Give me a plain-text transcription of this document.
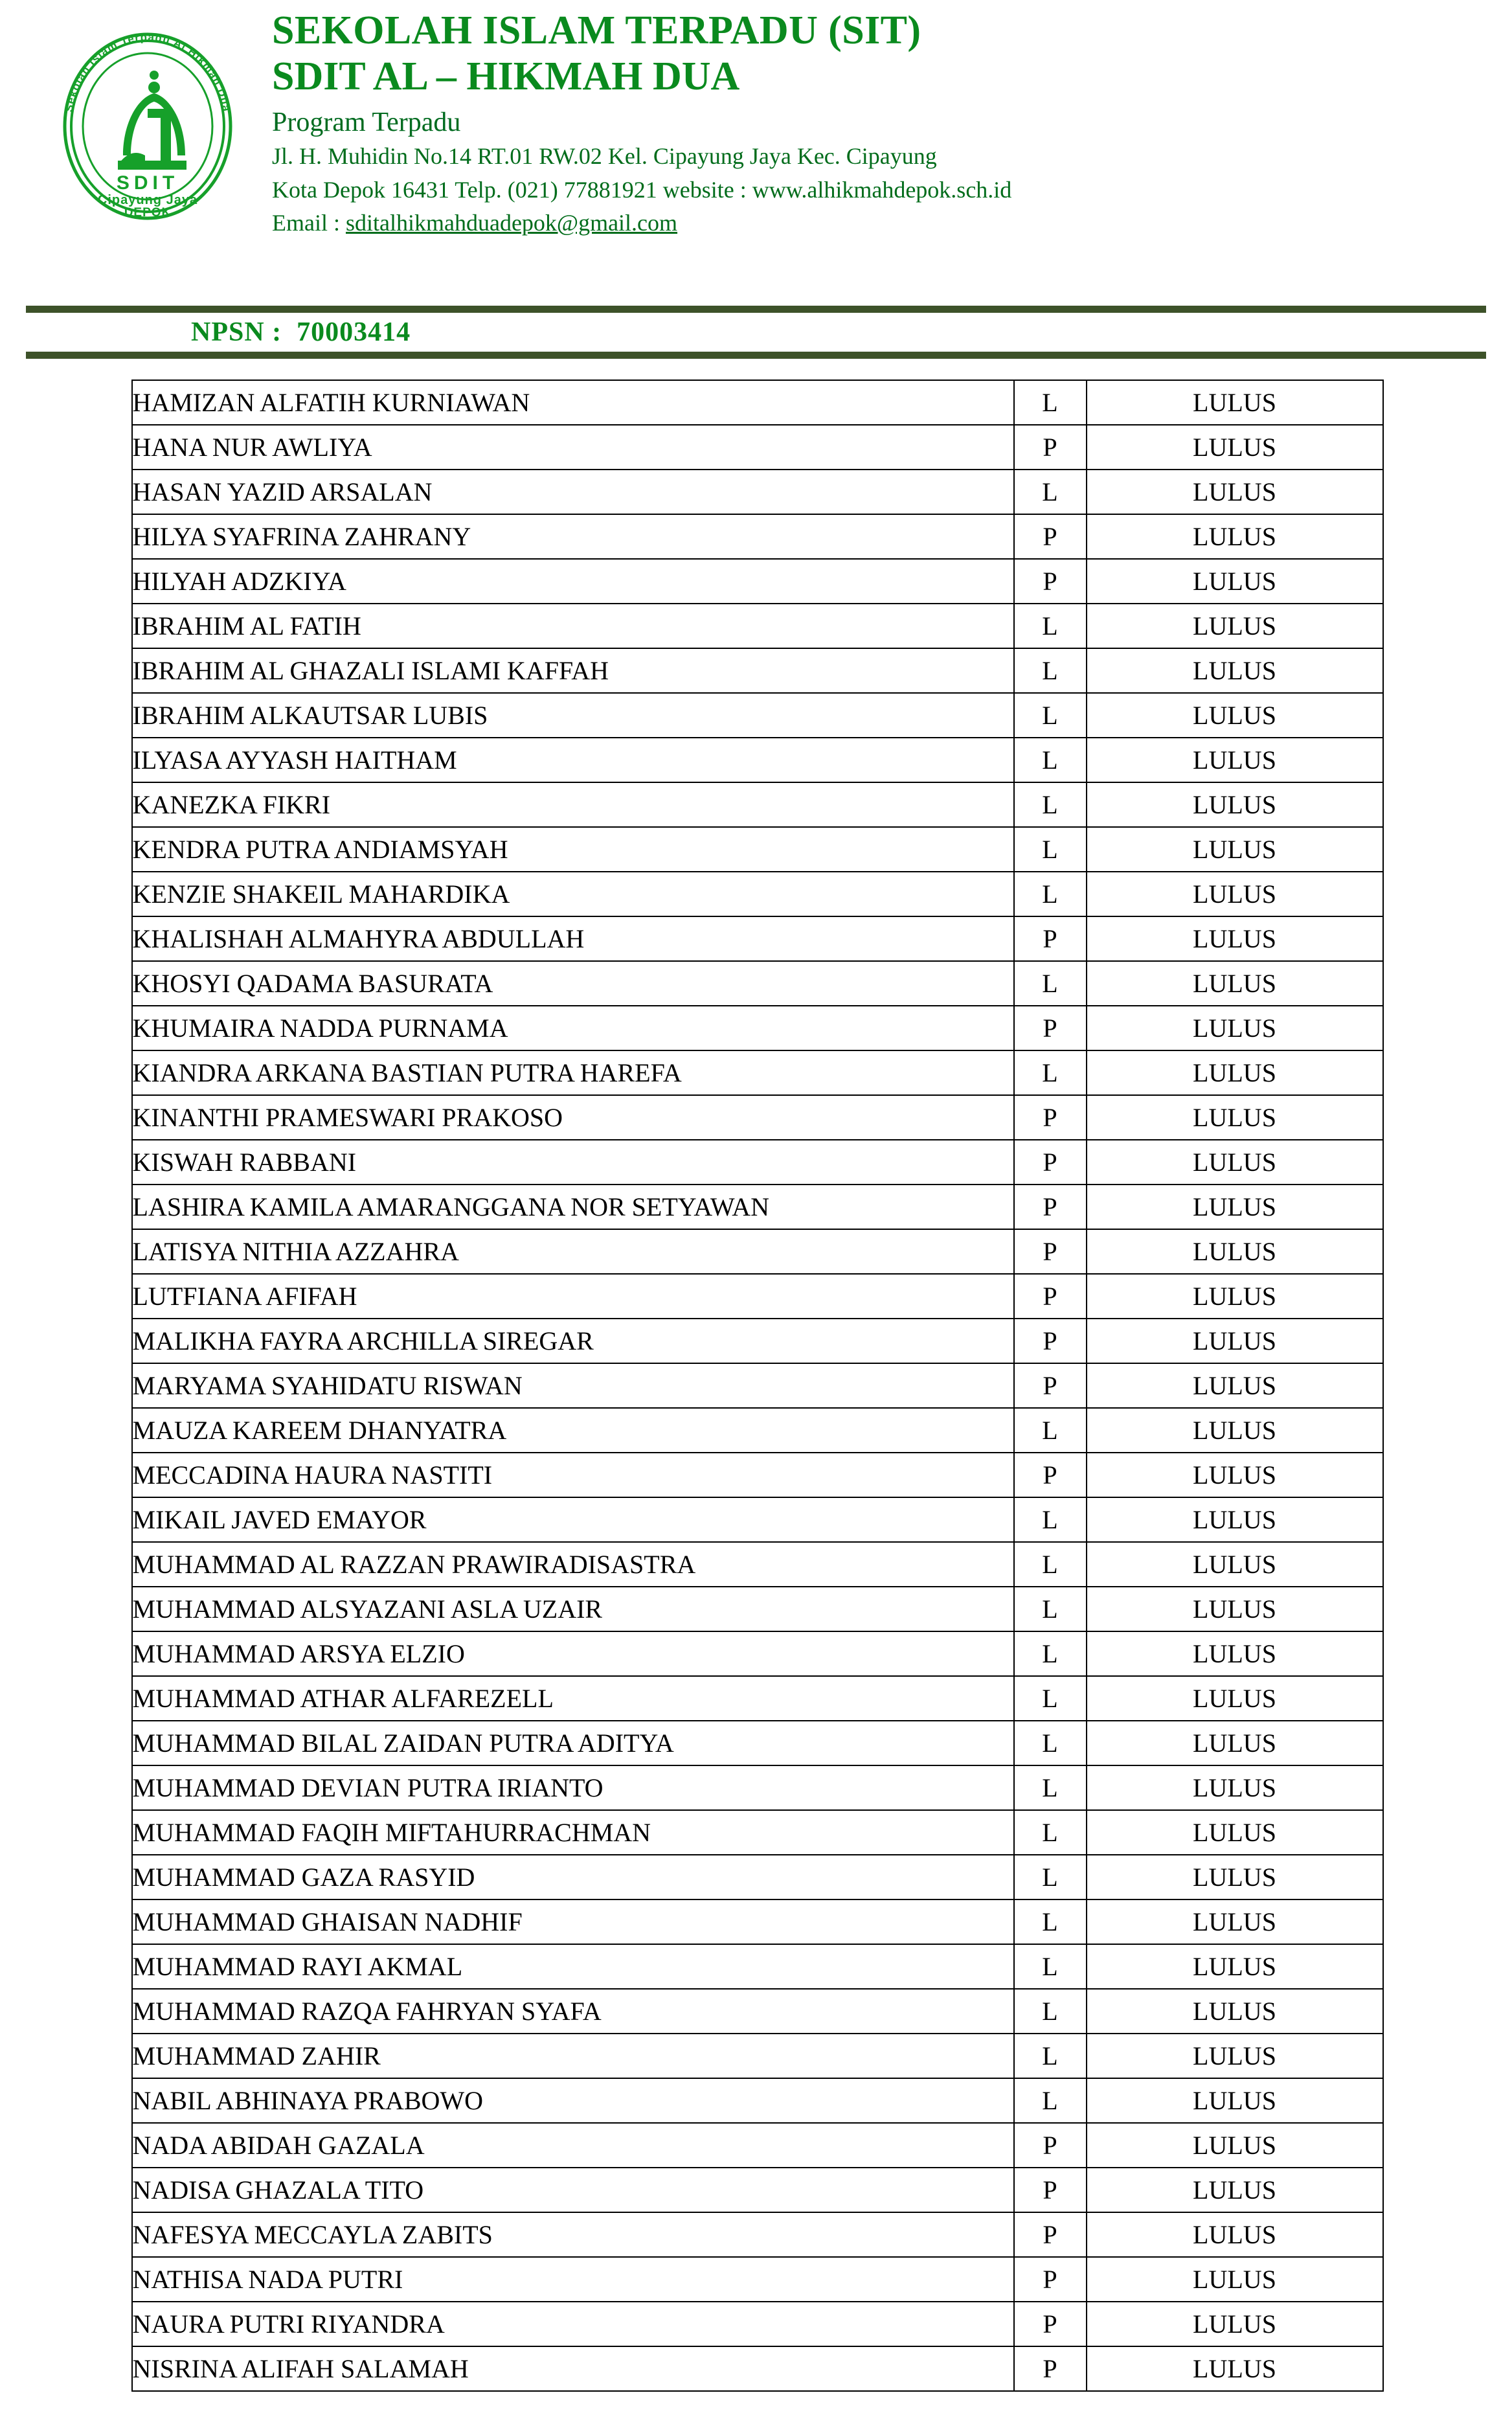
Sekolah Islam Terpadu Al Hikmah Dua
SDIT
Cipayung Jaya
DEPOK
SEKOLAH ISLAM TERPADU (SIT)
SDIT AL – HIKMAH DUA
Program Terpadu
Jl. H. Muhidin No.14 RT.01 RW.02 Kel. Cipayung Jaya Kec. Cipayung
Kota Depok 16431 Telp. (021) 77881921 website : www.alhikmahdepok.sch.id
Email : sditalhikmahduadepok@gmail.com
NPSN : 70003414
HAMIZAN ALFATIH KURNIAWAN	L	LULUS
HANA NUR AWLIYA	P	LULUS
HASAN YAZID ARSALAN	L	LULUS
HILYA SYAFRINA ZAHRANY	P	LULUS
HILYAH ADZKIYA	P	LULUS
IBRAHIM AL FATIH	L	LULUS
IBRAHIM AL GHAZALI ISLAMI KAFFAH	L	LULUS
IBRAHIM ALKAUTSAR LUBIS	L	LULUS
ILYASA AYYASH HAITHAM	L	LULUS
KANEZKA FIKRI	L	LULUS
KENDRA PUTRA ANDIAMSYAH	L	LULUS
KENZIE SHAKEIL MAHARDIKA	L	LULUS
KHALISHAH ALMAHYRA ABDULLAH	P	LULUS
KHOSYI QADAMA BASURATA	L	LULUS
KHUMAIRA NADDA PURNAMA	P	LULUS
KIANDRA ARKANA BASTIAN PUTRA HAREFA	L	LULUS
KINANTHI PRAMESWARI PRAKOSO	P	LULUS
KISWAH RABBANI	P	LULUS
LASHIRA KAMILA AMARANGGANA NOR SETYAWAN	P	LULUS
LATISYA NITHIA AZZAHRA	P	LULUS
LUTFIANA AFIFAH	P	LULUS
MALIKHA FAYRA ARCHILLA SIREGAR	P	LULUS
MARYAMA SYAHIDATU RISWAN	P	LULUS
MAUZA KAREEM DHANYATRA	L	LULUS
MECCADINA HAURA NASTITI	P	LULUS
MIKAIL JAVED EMAYOR	L	LULUS
MUHAMMAD AL RAZZAN PRAWIRADISASTRA	L	LULUS
MUHAMMAD ALSYAZANI ASLA UZAIR	L	LULUS
MUHAMMAD ARSYA ELZIO	L	LULUS
MUHAMMAD ATHAR ALFAREZELL	L	LULUS
MUHAMMAD BILAL ZAIDAN PUTRA ADITYA	L	LULUS
MUHAMMAD DEVIAN PUTRA IRIANTO	L	LULUS
MUHAMMAD FAQIH MIFTAHURRACHMAN	L	LULUS
MUHAMMAD GAZA RASYID	L	LULUS
MUHAMMAD GHAISAN NADHIF	L	LULUS
MUHAMMAD RAYI AKMAL	L	LULUS
MUHAMMAD RAZQA FAHRYAN SYAFA	L	LULUS
MUHAMMAD ZAHIR	L	LULUS
NABIL ABHINAYA PRABOWO	L	LULUS
NADA ABIDAH GAZALA	P	LULUS
NADISA GHAZALA TITO	P	LULUS
NAFESYA MECCAYLA ZABITS	P	LULUS
NATHISA NADA PUTRI	P	LULUS
NAURA PUTRI RIYANDRA	P	LULUS
NISRINA ALIFAH SALAMAH	P	LULUS
